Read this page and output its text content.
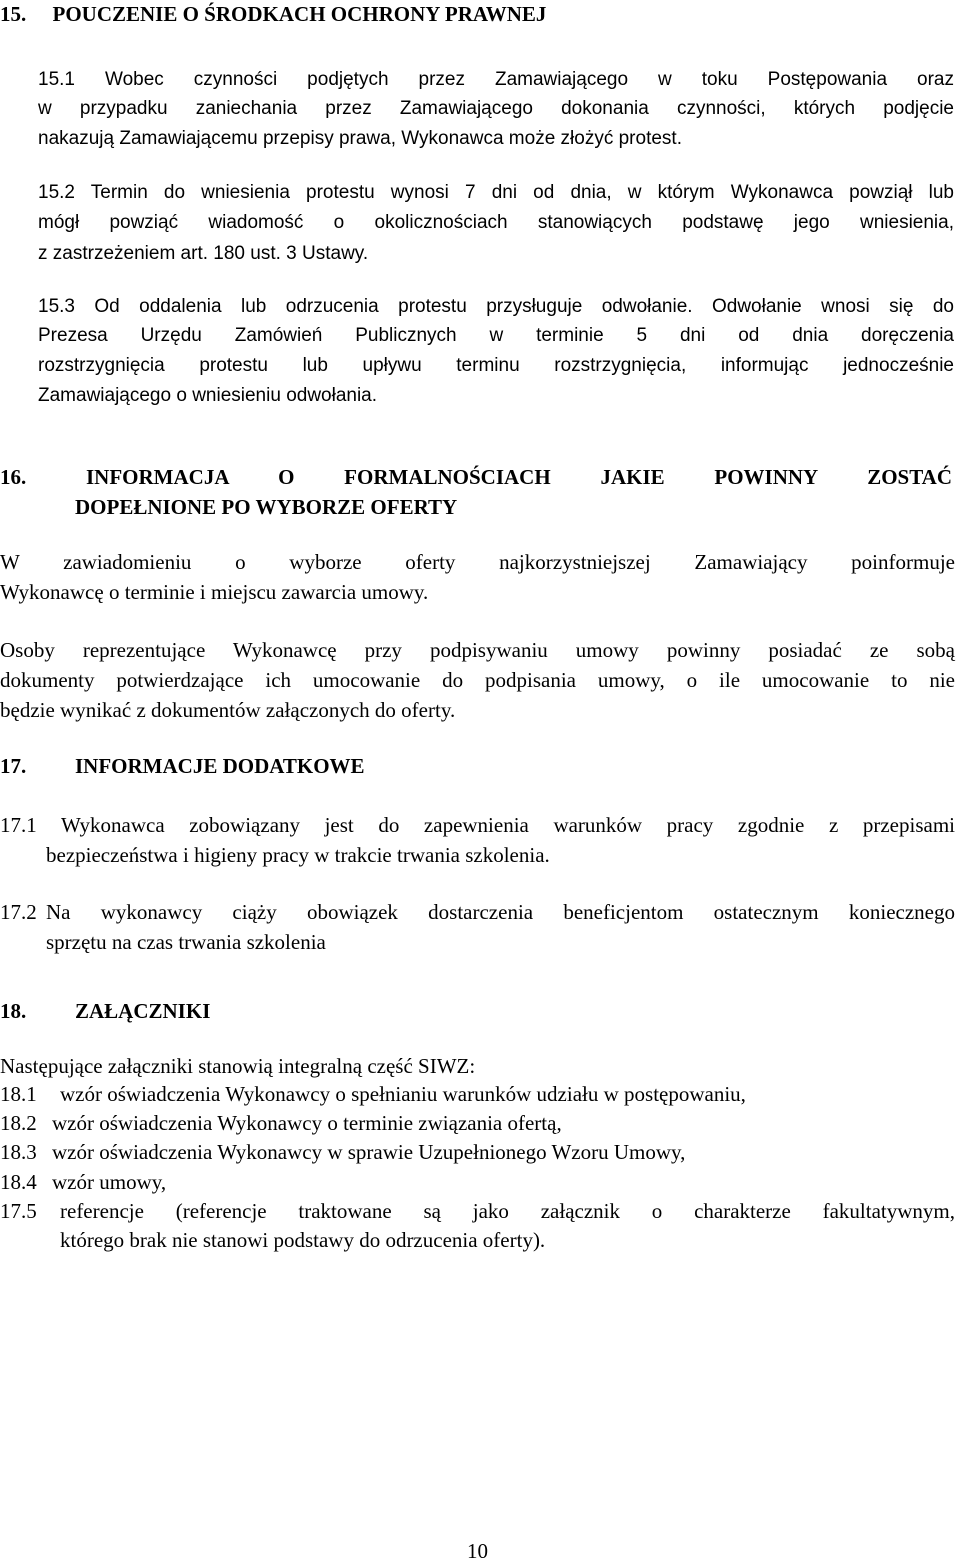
15.     POUCZENIE O ŚRODKACH OCHRONY PRAWNEJ
15.1 Wobec czynności podjętych przez Zamawiającego w toku Postępowania oraz
w przypadku zaniechania przez Zamawiającego dokonania czynności, których podjęcie
nakazują Zamawiającemu przepisy prawa, Wykonawca może złożyć protest.
15.2 Termin do wniesienia protestu wynosi 7 dni od dnia, w którym Wykonawca powziął lub
mógł powziąć wiadomość o okolicznościach stanowiących podstawę jego wniesienia,
z zastrzeżeniem art. 180 ust. 3 Ustawy.
15.3 Od oddalenia lub odrzucenia protestu przysługuje odwołanie. Odwołanie wnosi się do
Prezesa Urzędu Zamówień Publicznych w terminie 5 dni od dnia doręczenia
rozstrzygnięcia protestu lub upływu terminu rozstrzygnięcia, informując jednocześnie
Zamawiającego o wniesieniu odwołania.
16.	INFORMACJA O FORMALNOŚCIACH JAKIE POWINNY ZOSTAĆ
DOPEŁNIONE PO WYBORZE OFERTY
W zawiadomieniu o wyborze oferty najkorzystniejszej Zamawiający poinformuje
Wykonawcę o terminie i miejscu zawarcia umowy.
Osoby reprezentujące Wykonawcę przy podpisywaniu umowy powinny posiadać ze sobą
dokumenty potwierdzające ich umocowanie do podpisania umowy, o ile umocowanie to nie
będzie wynikać z dokumentów załączonych do oferty.
17. INFORMACJE DODATKOWE
17.1 Wykonawca zobowiązany jest do zapewnienia warunków pracy zgodnie z przepisami
bezpieczeństwa i higieny pracy w trakcie trwania szkolenia.
17.2 Na wykonawcy ciąży obowiązek dostarczenia beneficjentom ostatecznym koniecznego
sprzętu na czas trwania szkolenia
18. ZAŁĄCZNIKI
Następujące załączniki stanowią integralną część SIWZ:
18.1 wzór oświadczenia Wykonawcy o spełnianiu warunków udziału w postępowaniu,
18.2 wzór oświadczenia Wykonawcy o terminie związania ofertą,
18.3 wzór oświadczenia Wykonawcy w sprawie Uzupełnionego Wzoru Umowy,
18.4 wzór umowy,
17.5 referencje (referencje traktowane są jako załącznik o charakterze fakultatywnym,
którego brak nie stanowi podstawy do odrzucenia oferty).
10
